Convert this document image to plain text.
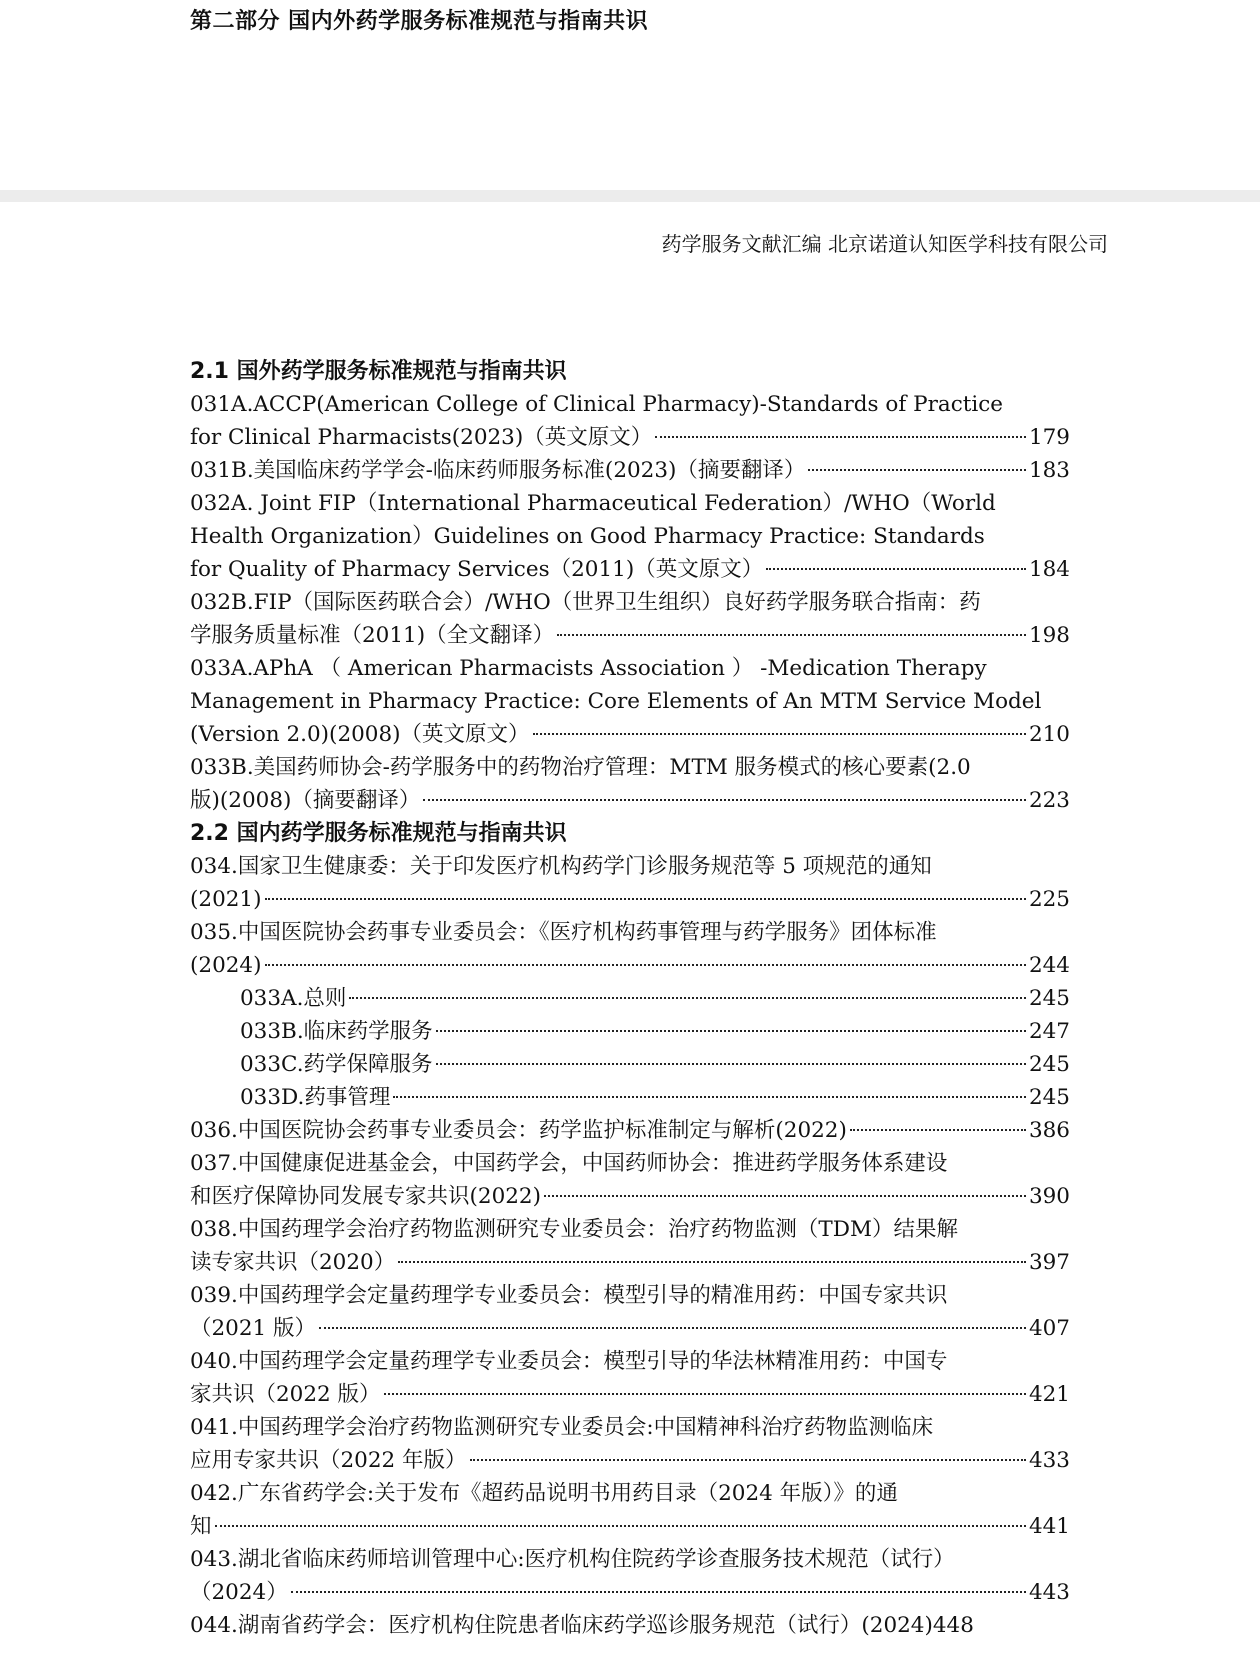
第二部分 国内外药学服务标准规范与指南共识
药学服务文献汇编 北京诺道认知医学科技有限公司
2.1 国外药学服务标准规范与指南共识
031A.ACCP(American College of Clinical Pharmacy)-Standards of Practice
for Clinical Pharmacists(2023)（英文原文）	179
031B.美国临床药学学会-临床药师服务标准(2023)（摘要翻译）	183
032A. Joint FIP（International Pharmaceutical Federation）/WHO（World
Health Organization）Guidelines on Good Pharmacy Practice: Standards
for Quality of Pharmacy Services（2011)（英文原文）	184
032B.FIP（国际医药联合会）/WHO（世界卫生组织）良好药学服务联合指南：药
学服务质量标准（2011)（全文翻译）	198
033A.APhA （ American Pharmacists Association ） -Medication Therapy
Management in Pharmacy Practice: Core Elements of An MTM Service Model
(Version 2.0)(2008)（英文原文）	210
033B.美国药师协会-药学服务中的药物治疗管理：MTM 服务模式的核心要素(2.0
版)(2008)（摘要翻译）	223
2.2 国内药学服务标准规范与指南共识
034.国家卫生健康委：关于印发医疗机构药学门诊服务规范等 5 项规范的通知
(2021)	225
035.中国医院协会药事专业委员会：《医疗机构药事管理与药学服务》团体标准
(2024)	244
033A.总则	245
033B.临床药学服务	247
033C.药学保障服务	245
033D.药事管理	245
036.中国医院协会药事专业委员会：药学监护标准制定与解析(2022)	386
037.中国健康促进基金会，中国药学会，中国药师协会：推进药学服务体系建设
和医疗保障协同发展专家共识(2022)	390
038.中国药理学会治疗药物监测研究专业委员会：治疗药物监测（TDM）结果解
读专家共识（2020）	397
039.中国药理学会定量药理学专业委员会：模型引导的精准用药：中国专家共识
（2021 版）	407
040.中国药理学会定量药理学专业委员会：模型引导的华法林精准用药：中国专
家共识（2022 版）	421
041.中国药理学会治疗药物监测研究专业委员会:中国精神科治疗药物监测临床
应用专家共识（2022 年版）	433
042.广东省药学会:关于发布《超药品说明书用药目录（2024 年版）》的通
知	441
043.湖北省临床药师培训管理中心:医疗机构住院药学诊查服务技术规范（试行）
（2024）	443
044.湖南省药学会：医疗机构住院患者临床药学巡诊服务规范（试行）(2024) 448
